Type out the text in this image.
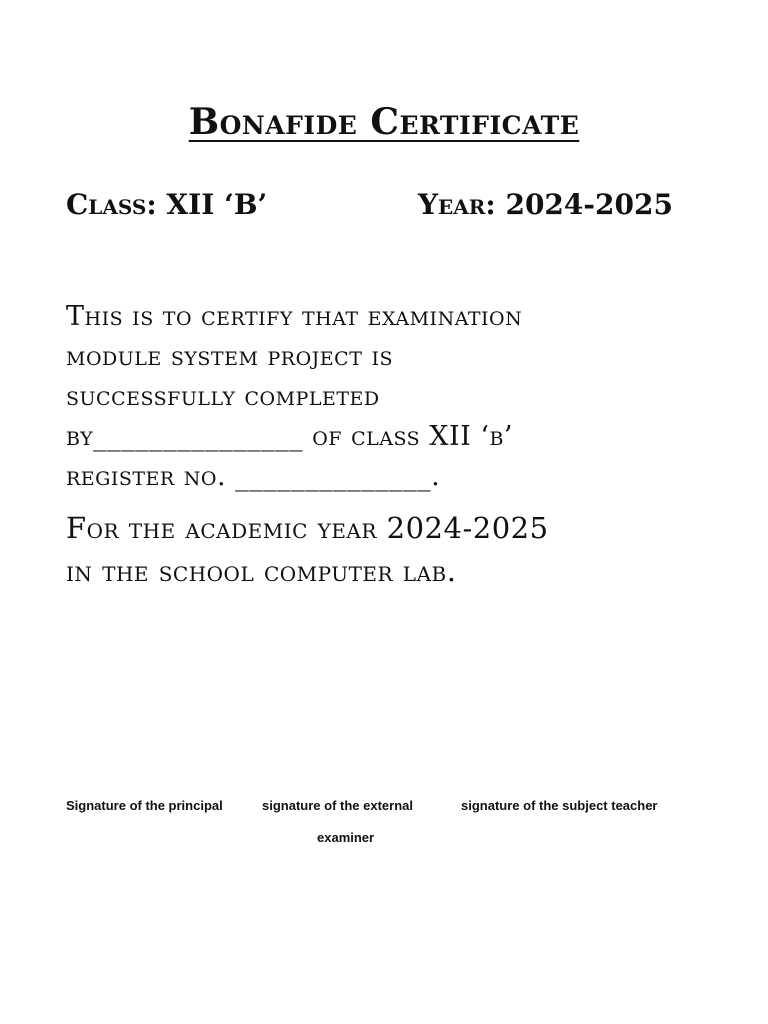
Bonafide Certificate
Class: XII ‘B’	Year: 2024-2025
This is to certify that examination
module system project is
successfully completed
by_______________ of class XII ‘b’
register no. ______________.
For the academic year 2024-2025
in the school computer lab.
Signature of the principal	signature of the external	signature of the subject teacher
examiner
